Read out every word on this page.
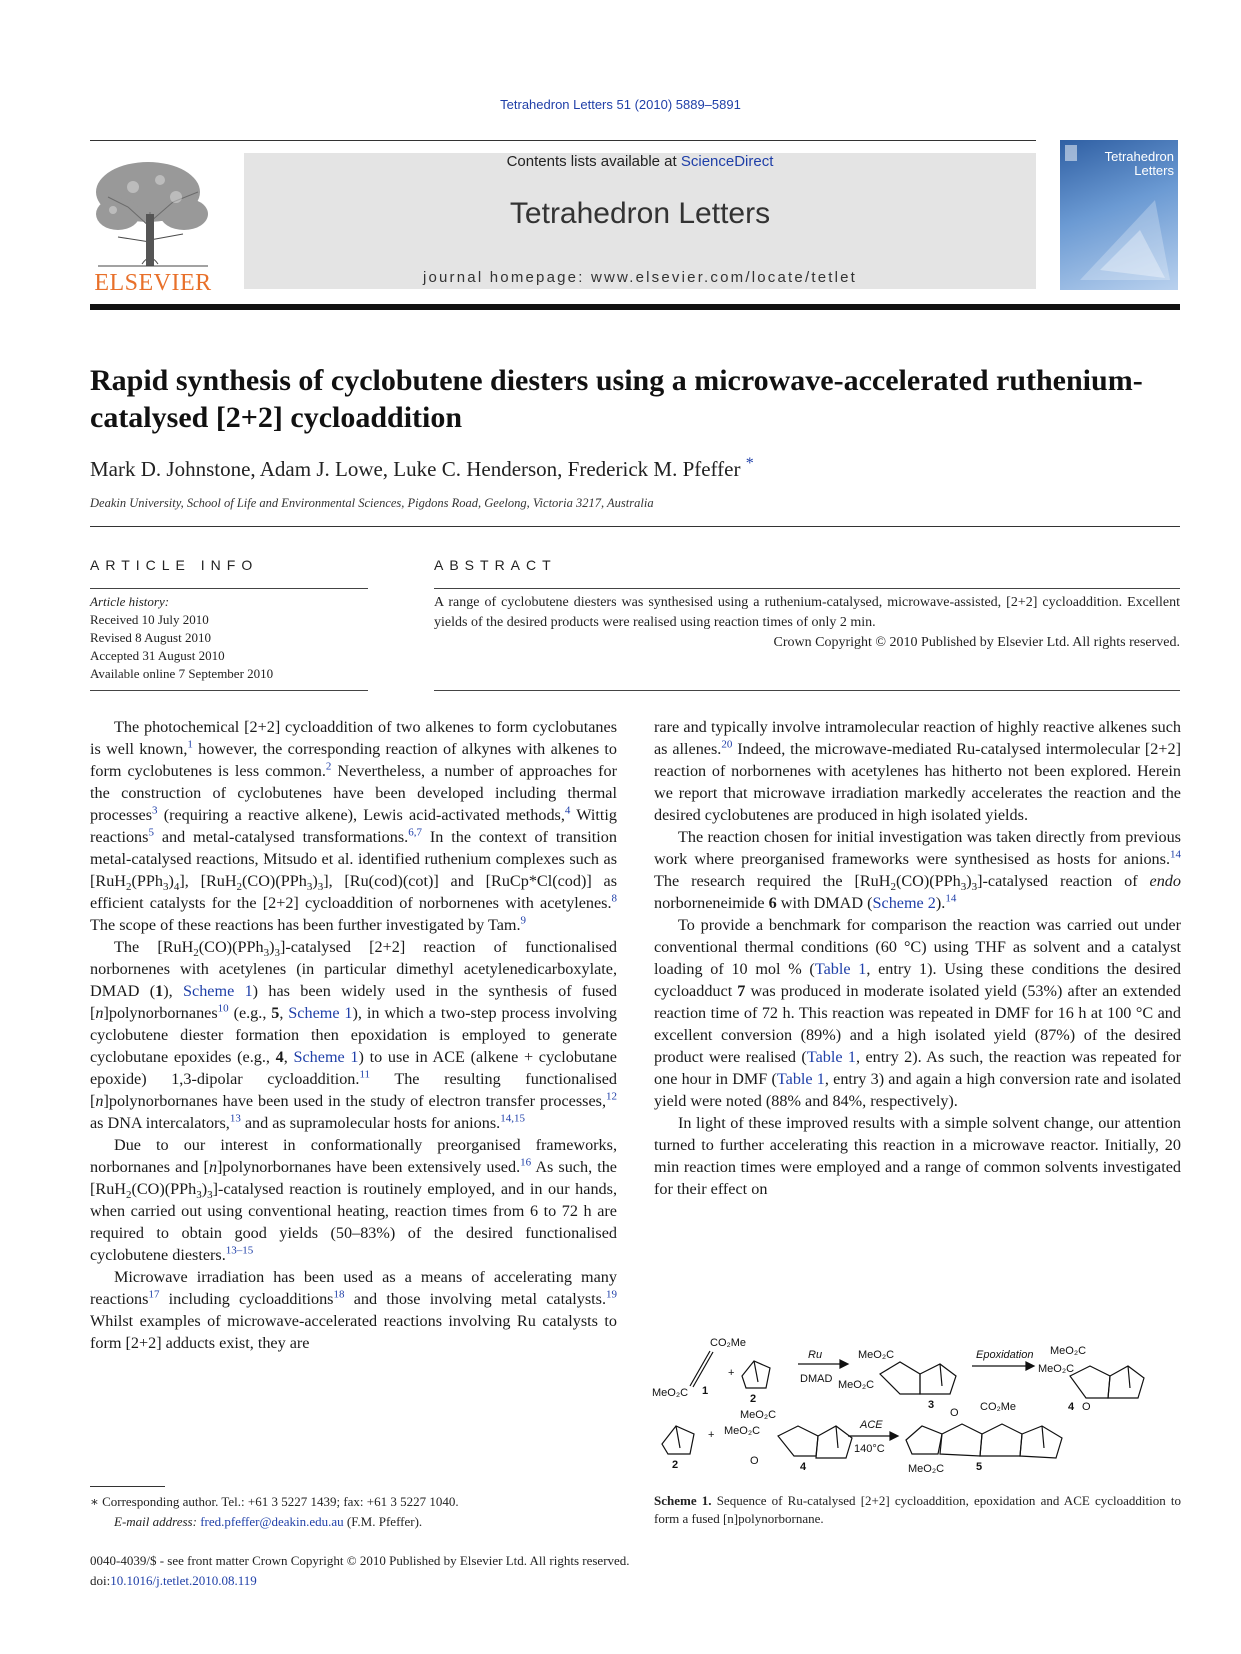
Tetrahedron Letters 51 (2010) 5889–5891
ELSEVIER
Contents lists available at ScienceDirect
Tetrahedron Letters
journal homepage: www.elsevier.com/locate/tetlet
Tetrahedron
Letters
Rapid synthesis of cyclobutene diesters using a microwave-accelerated ruthenium-catalysed [2+2] cycloaddition
Mark D. Johnstone, Adam J. Lowe, Luke C. Henderson, Frederick M. Pfeffer *
Deakin University, School of Life and Environmental Sciences, Pigdons Road, Geelong, Victoria 3217, Australia
ARTICLE INFO
Article history:
Received 10 July 2010
Revised 8 August 2010
Accepted 31 August 2010
Available online 7 September 2010
ABSTRACT
A range of cyclobutene diesters was synthesised using a ruthenium-catalysed, microwave-assisted, [2+2] cycloaddition. Excellent yields of the desired products were realised using reaction times of only 2 min.
Crown Copyright © 2010 Published by Elsevier Ltd. All rights reserved.

The photochemical [2+2] cycloaddition of two alkenes to form cyclobutanes is well known,$^1$ however, the corresponding reaction of alkynes with alkenes to form cyclobutenes is less common.$^2$ Nevertheless, a number of approaches for the construction of cyclobutenes have been developed including thermal processes$^3$ (requiring a reactive alkene), Lewis acid-activated methods,$^4$ Wittig reactions$^5$ and metal-catalysed transformations.$^{6,7}$ In the context of transition metal-catalysed reactions, Mitsudo et al. identified ruthenium complexes such as $[RuH_2(PPh_3)_4]$, $[RuH_2(CO)(PPh_3)_3]$, [Ru(cod)(cot)] and [RuCp*Cl(cod)] as efficient catalysts for the [2+2] cycloaddition of norbornenes with acetylenes.$^8$ The scope of these reactions has been further investigated by Tam.$^9$

The $[RuH_2(CO)(PPh_3)_3]$-catalysed [2+2] reaction of functionalised norbornenes with acetylenes (in particular dimethyl acetylenedicarboxylate, DMAD (1), Scheme 1) has been widely used in the synthesis of fused [n]polynorbornanes$^{10}$ (e.g., 5, Scheme 1), in which a two-step process involving cyclobutene diester formation then epoxidation is employed to generate cyclobutane epoxides (e.g., 4, Scheme 1) to use in ACE (alkene + cyclobutane epoxide) 1,3-dipolar cycloaddition.$^{11}$ The resulting functionalised [n]polynorbornanes have been used in the study of electron transfer processes,$^{12}$ as DNA intercalators,$^{13}$ and as supramolecular hosts for anions.$^{14,15}$

Due to our interest in conformationally preorganised frameworks, norbornanes and [n]polynorbornanes have been extensively used.$^{16}$ As such, the $[RuH_2(CO)(PPh_3)_3]$-catalysed reaction is routinely employed, and in our hands, when carried out using conventional heating, reaction times from 6 to 72 h are required to obtain good yields (50–83%) of the desired functionalised cyclobutene diesters.$^{13-15}$

Microwave irradiation has been used as a means of accelerating many reactions$^{17}$ including cycloadditions$^{18}$ and those involving metal catalysts.$^{19}$ Whilst examples of microwave-accelerated reactions involving Ru catalysts to form [2+2] adducts exist, they are

rare and typically involve intramolecular reaction of highly reactive alkenes such as allenes.$^{20}$ Indeed, the microwave-mediated Ru-catalysed intermolecular [2+2] reaction of norbornenes with acetylenes has hitherto not been explored. Herein we report that microwave irradiation markedly accelerates the reaction and the desired cyclobutenes are produced in high isolated yields.

The reaction chosen for initial investigation was taken directly from previous work where preorganised frameworks were synthesised as hosts for anions.$^{14}$ The research required the $[RuH_2(CO)(PPh_3)_3]$-catalysed reaction of endo norborneneimide 6 with DMAD (Scheme 2).$^{14}$

To provide a benchmark for comparison the reaction was carried out under conventional thermal conditions (60 °C) using THF as solvent and a catalyst loading of 10 mol % (Table 1, entry 1). Using these conditions the desired cycloadduct 7 was produced in moderate isolated yield (53%) after an extended reaction time of 72 h. This reaction was repeated in DMF for 16 h at 100 °C and excellent conversion (89%) and a high isolated yield (87%) of the desired product were realised (Table 1, entry 2). As such, the reaction was repeated for one hour in DMF (Table 1, entry 3) and again a high conversion rate and isolated yield were noted (88% and 84%, respectively).

In light of these improved results with a simple solvent change, our attention turned to further accelerating this reaction in a microwave reactor. Initially, 20 min reaction times were employed and a range of common solvents investigated for their effect on

CO₂Me
MeO₂C 1
+
2
Ru
DMAD
MeO₂C
MeO₂C
3
Epoxidation MeO₂C
MeO₂C
4 O
2
+
MeO₂C
MeO₂C
O	4
ACE
140°C
O CO₂Me
MeO₂C	5
Scheme 1. Sequence of Ru-catalysed [2+2] cycloaddition, epoxidation and ACE cycloaddition to form a fused [n]polynorbornane.
∗ Corresponding author. Tel.: +61 3 5227 1439; fax: +61 3 5227 1040.
E-mail address: fred.pfeffer@deakin.edu.au (F.M. Pfeffer).
0040-4039/$ - see front matter Crown Copyright © 2010 Published by Elsevier Ltd. All rights reserved.
doi:10.1016/j.tetlet.2010.08.119
